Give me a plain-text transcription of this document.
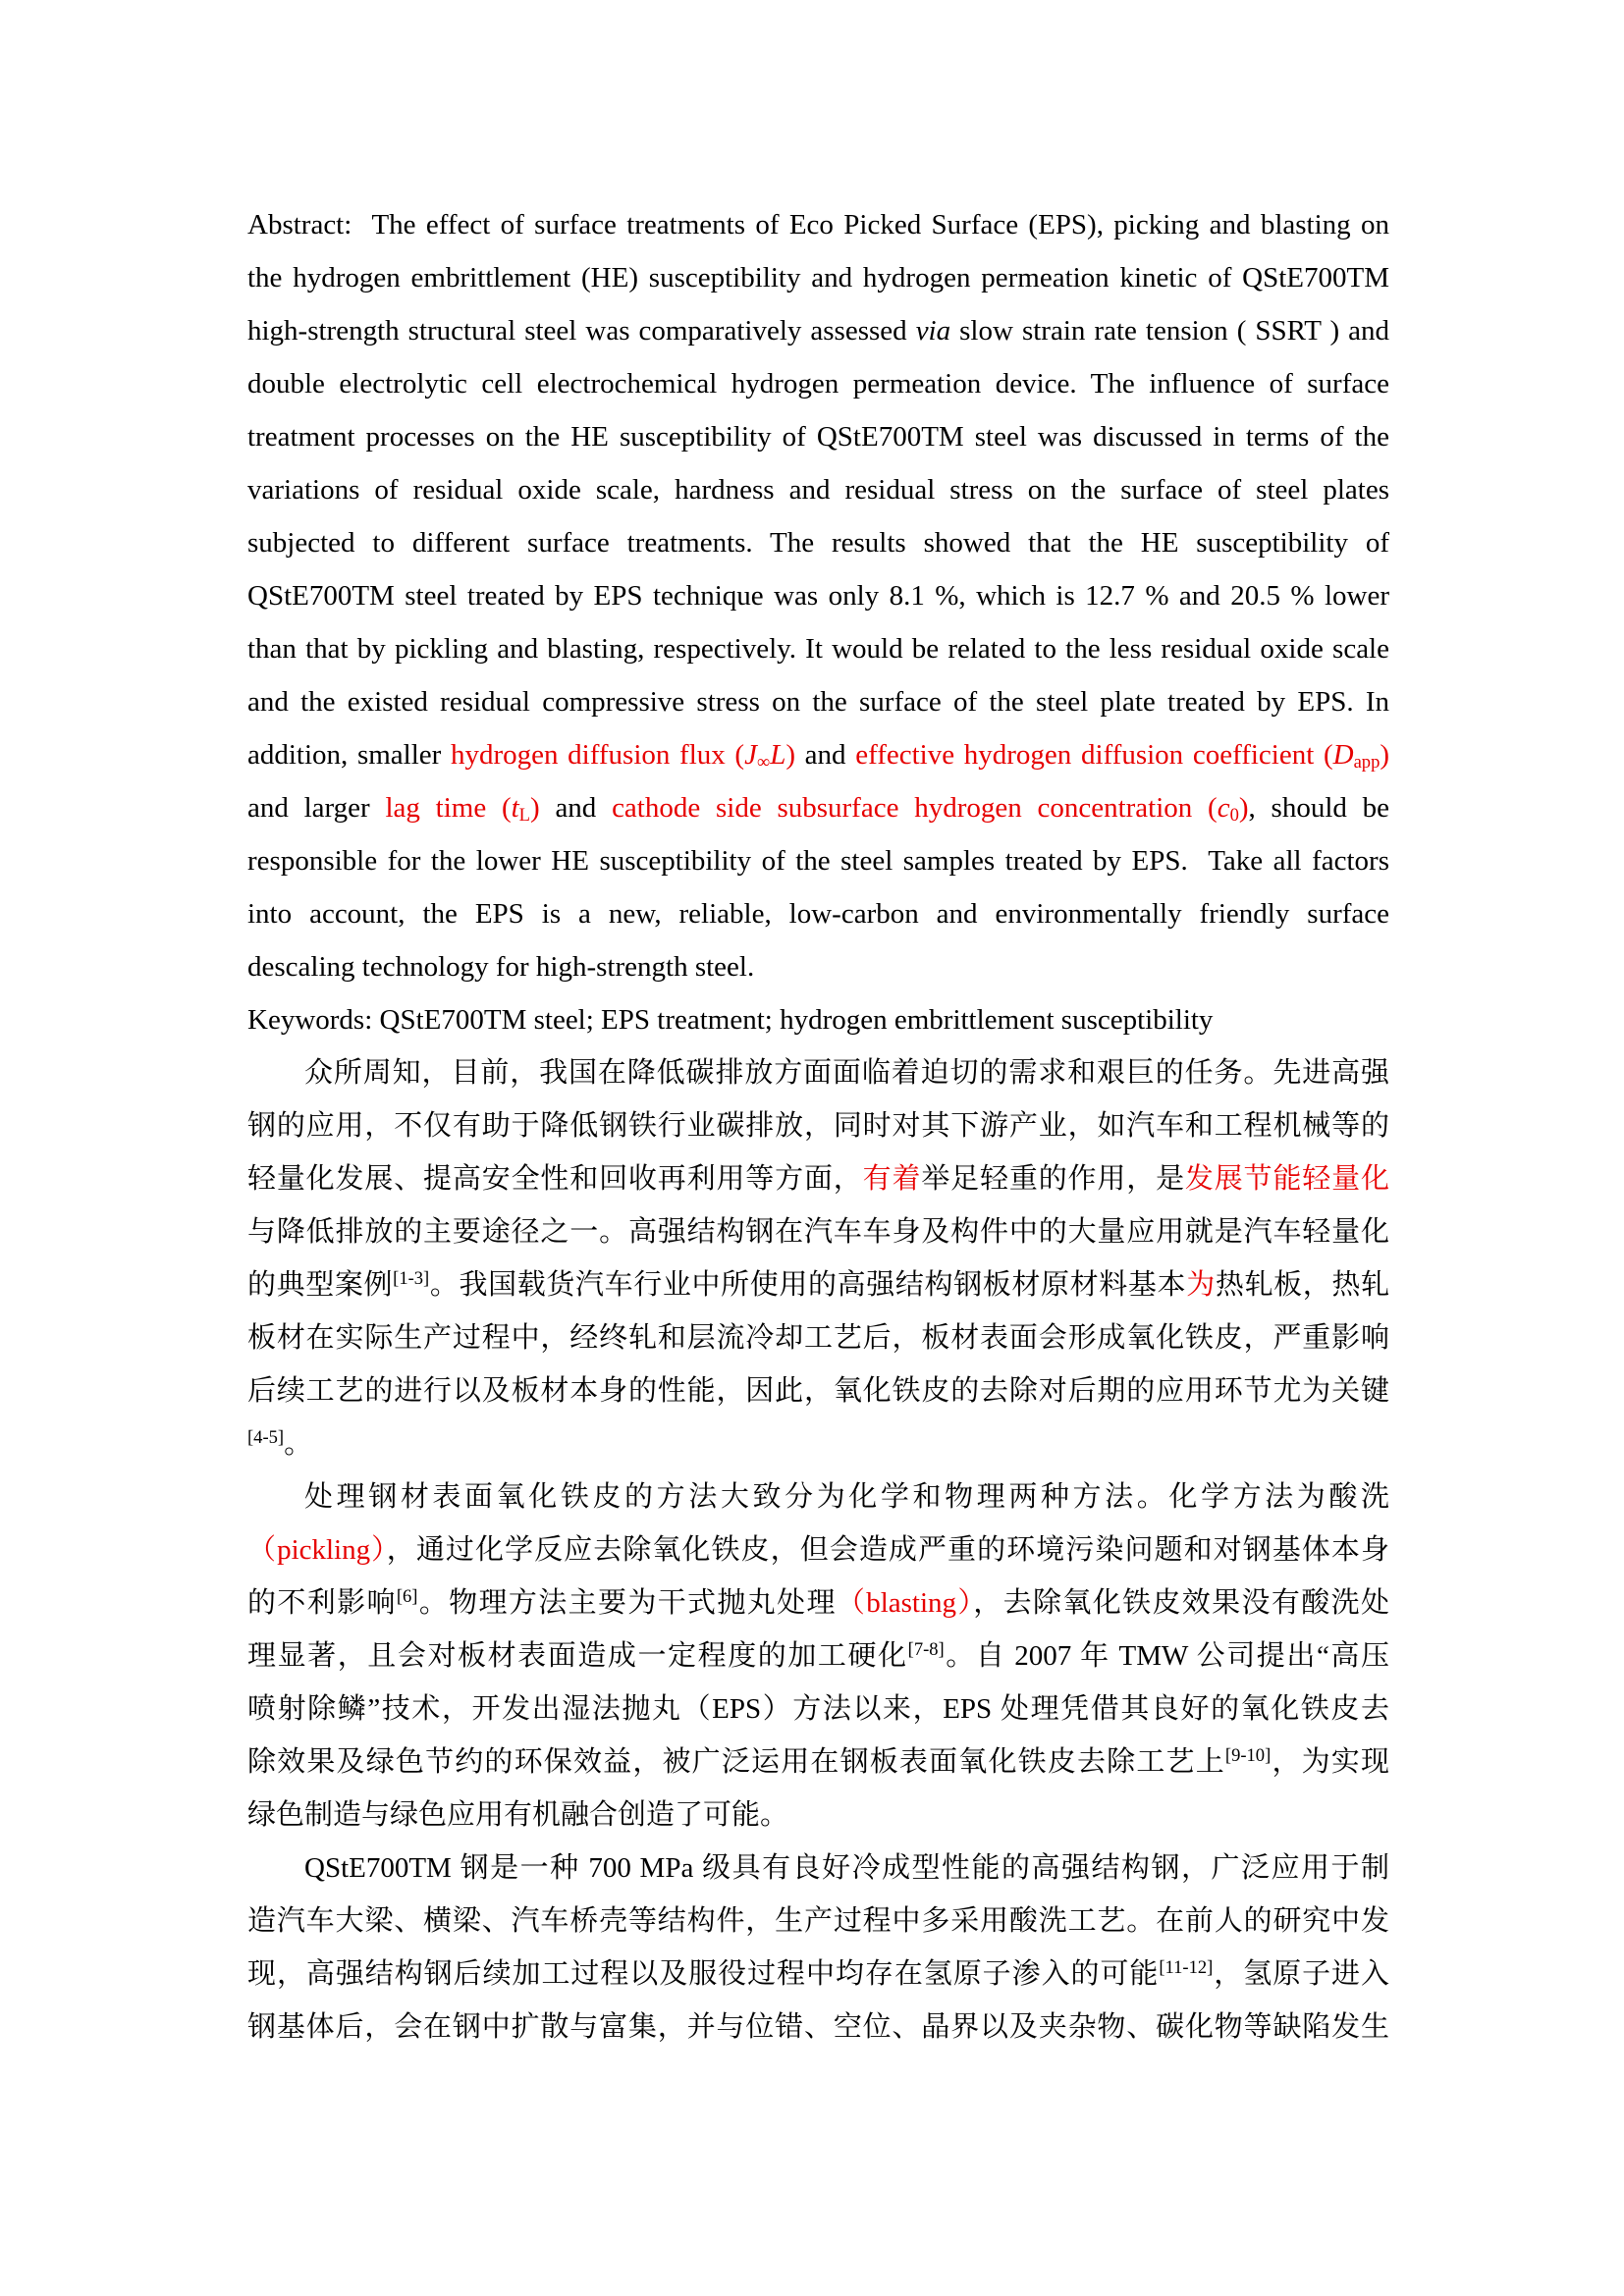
Abstract:  The effect of surface treatments of Eco Picked Surface (EPS), picking and blasting on
the hydrogen embrittlement (HE) susceptibility and hydrogen permeation kinetic of QStE700TM
high-strength structural steel was comparatively assessed via slow strain rate tension ( SSRT ) and
double electrolytic cell electrochemical hydrogen permeation device. The influence of surface
treatment processes on the HE susceptibility of QStE700TM steel was discussed in terms of the
variations of residual oxide scale, hardness and residual stress on the surface of steel plates
subjected to different surface treatments. The results showed that the HE susceptibility of
QStE700TM steel treated by EPS technique was only 8.1 %, which is 12.7 % and 20.5 % lower
than that by pickling and blasting, respectively. It would be related to the less residual oxide scale
and the existed residual compressive stress on the surface of the steel plate treated by EPS. In
addition, smaller hydrogen diffusion flux (J∞L) and effective hydrogen diffusion coefficient (Dapp)
and larger lag time (tL) and cathode side subsurface hydrogen concentration (c0), should be
responsible for the lower HE susceptibility of the steel samples treated by EPS.  Take all factors
into account, the EPS is a new, reliable, low-carbon and environmentally friendly surface
descaling technology for high-strength steel.
Keywords: QStE700TM steel; EPS treatment; hydrogen embrittlement susceptibility
众所周知，目前，我国在降低碳排放方面面临着迫切的需求和艰巨的任务。先进高强
钢的应用，不仅有助于降低钢铁行业碳排放，同时对其下游产业，如汽车和工程机械等的
轻量化发展、提高安全性和回收再利用等方面，有着举足轻重的作用，是发展节能轻量化
与降低排放的主要途径之一。高强结构钢在汽车车身及构件中的大量应用就是汽车轻量化
的典型案例[1-3]。我国载货汽车行业中所使用的高强结构钢板材原材料基本为热轧板，热轧
板材在实际生产过程中，经终轧和层流冷却工艺后，板材表面会形成氧化铁皮，严重影响
后续工艺的进行以及板材本身的性能，因此，氧化铁皮的去除对后期的应用环节尤为关键
[4-5]。
处理钢材表面氧化铁皮的方法大致分为化学和物理两种方法。化学方法为酸洗
（pickling），通过化学反应去除氧化铁皮，但会造成严重的环境污染问题和对钢基体本身
的不利影响[6]。物理方法主要为干式抛丸处理（blasting），去除氧化铁皮效果没有酸洗处
理显著，且会对板材表面造成一定程度的加工硬化[7-8]。自 2007 年 TMW 公司提出“高压
喷射除鳞”技术，开发出湿法抛丸（EPS）方法以来，EPS 处理凭借其良好的氧化铁皮去
除效果及绿色节约的环保效益，被广泛运用在钢板表面氧化铁皮去除工艺上[9-10]，为实现
绿色制造与绿色应用有机融合创造了可能。
QStE700TM 钢是一种 700 MPa 级具有良好冷成型性能的高强结构钢，广泛应用于制
造汽车大梁、横梁、汽车桥壳等结构件，生产过程中多采用酸洗工艺。在前人的研究中发
现，高强结构钢后续加工过程以及服役过程中均存在氢原子渗入的可能[11-12]，氢原子进入
钢基体后，会在钢中扩散与富集，并与位错、空位、晶界以及夹杂物、碳化物等缺陷发生
